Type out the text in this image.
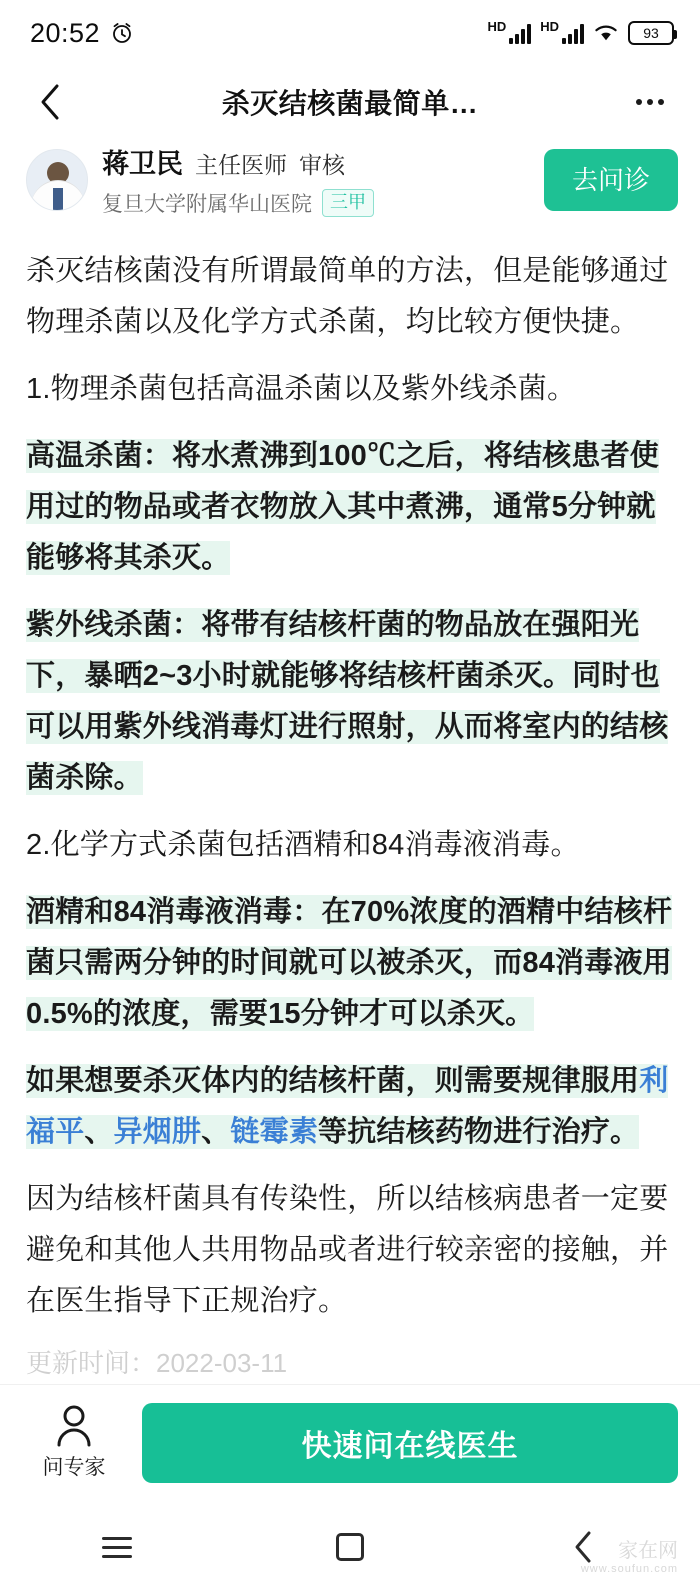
20:52	HD	HD	93
杀灭结核菌最简单…
蒋卫民 主任医师 审核
复旦大学附属华山医院	三甲
去问诊

杀灭结核菌没有所谓最简单的方法，但是能够通过物理杀菌以及化学方式杀菌，均比较方便快捷。

1.物理杀菌包括高温杀菌以及紫外线杀菌。

高温杀菌：将水煮沸到100℃之后，将结核患者使用过的物品或者衣物放入其中煮沸，通常5分钟就能够将其杀灭。

紫外线杀菌：将带有结核杆菌的物品放在强阳光下，暴晒2~3小时就能够将结核杆菌杀灭。同时也可以用紫外线消毒灯进行照射，从而将室内的结核菌杀除。

2.化学方式杀菌包括酒精和84消毒液消毒。

酒精和84消毒液消毒：在70%浓度的酒精中结核杆菌只需两分钟的时间就可以被杀灭，而84消毒液用0.5%的浓度，需要15分钟才可以杀灭。

如果想要杀灭体内的结核杆菌，则需要规律服用利福平、异烟肼、链霉素等抗结核药物进行治疗。

因为结核杆菌具有传染性，所以结核病患者一定要避免和其他人共用物品或者进行较亲密的接触，并在医生指导下正规治疗。

更新时间：2022-03-11
问专家
快速问在线医生
家在网
www.soufun.com
